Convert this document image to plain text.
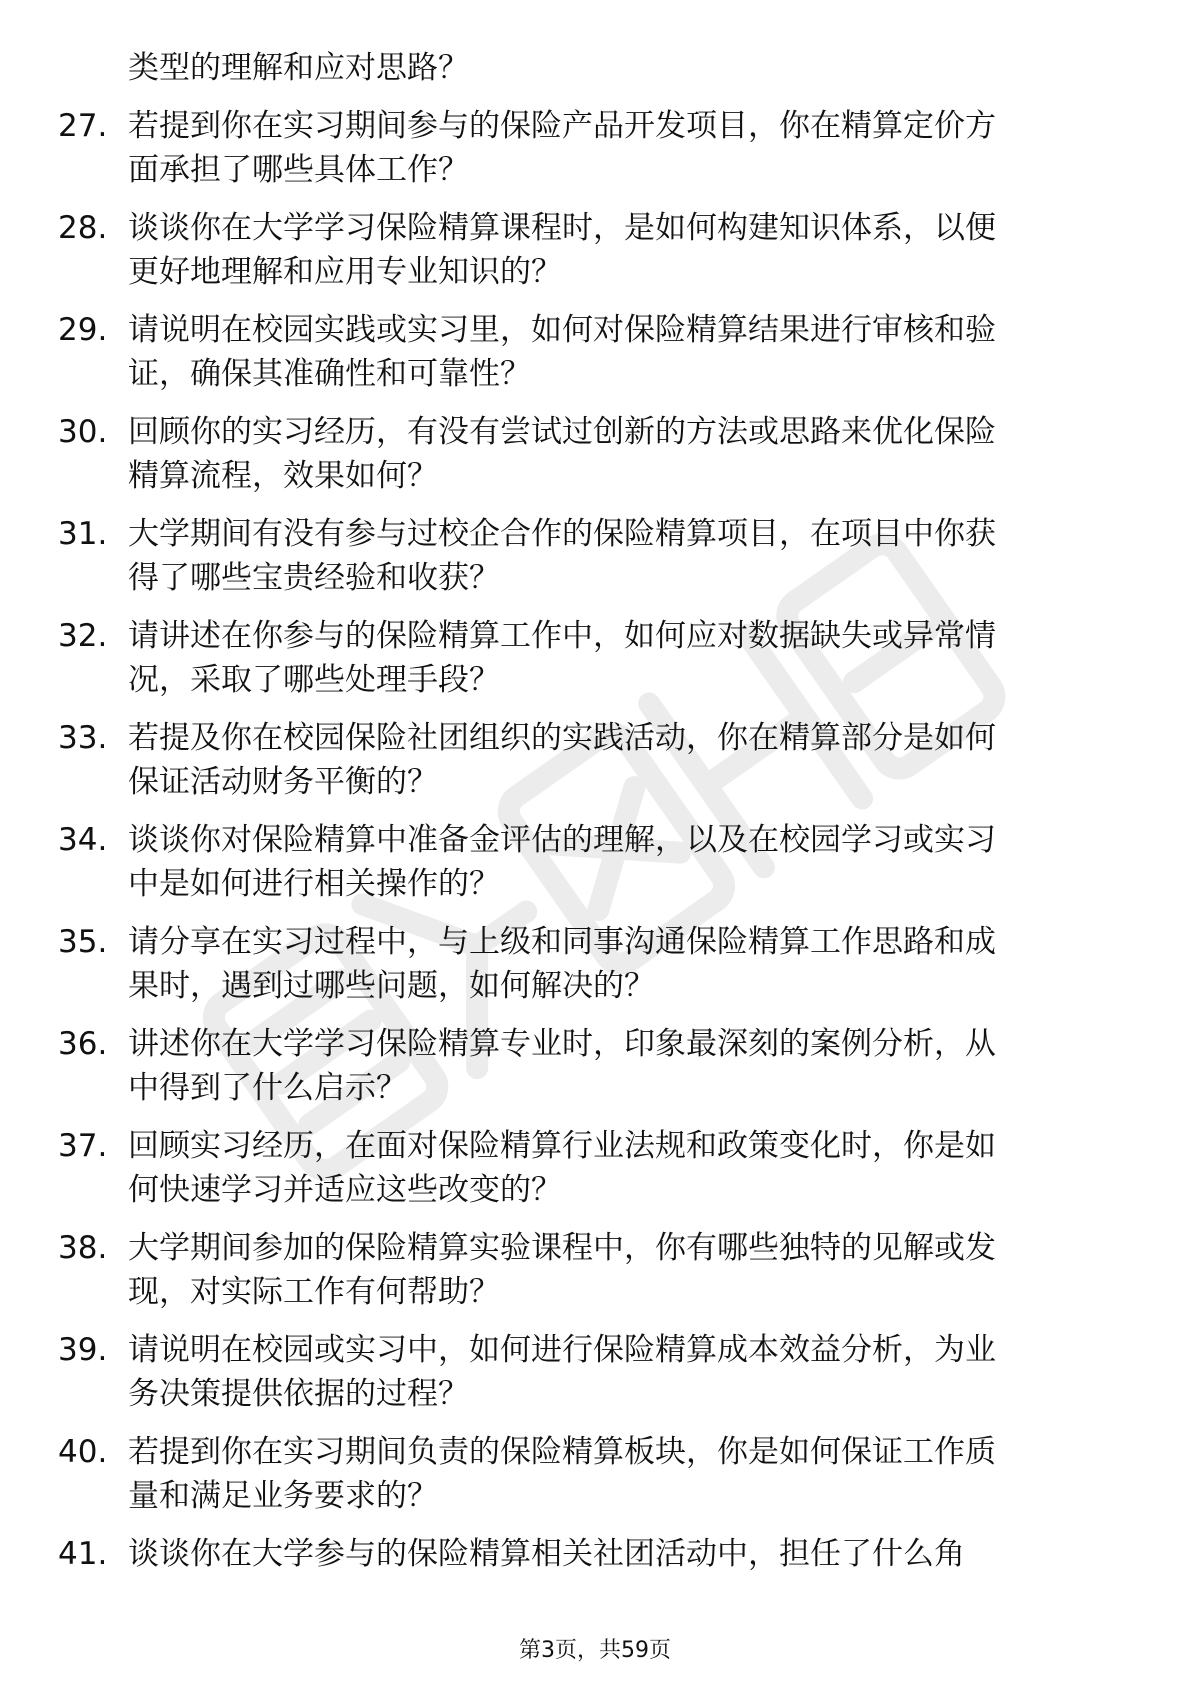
类型的理解和应对思路？
27. 若提到你在实习期间参与的保险产品开发项目，你在精算定价方
面承担了哪些具体工作？
28. 谈谈你在大学学习保险精算课程时，是如何构建知识体系，以便
更好地理解和应用专业知识的？
29. 请说明在校园实践或实习里，如何对保险精算结果进行审核和验
证，确保其准确性和可靠性？
30. 回顾你的实习经历，有没有尝试过创新的方法或思路来优化保险
精算流程，效果如何？
31. 大学期间有没有参与过校企合作的保险精算项目，在项目中你获
得了哪些宝贵经验和收获？
32. 请讲述在你参与的保险精算工作中，如何应对数据缺失或异常情
况，采取了哪些处理手段？
33. 若提及你在校园保险社团组织的实践活动，你在精算部分是如何
保证活动财务平衡的？
34. 谈谈你对保险精算中准备金评估的理解，以及在校园学习或实习
中是如何进行相关操作的？
35. 请分享在实习过程中，与上级和同事沟通保险精算工作思路和成
果时，遇到过哪些问题，如何解决的？
36. 讲述你在大学学习保险精算专业时，印象最深刻的案例分析，从
中得到了什么启示？
37. 回顾实习经历，在面对保险精算行业法规和政策变化时，你是如
何快速学习并适应这些改变的？
38. 大学期间参加的保险精算实验课程中，你有哪些独特的见解或发
现，对实际工作有何帮助？
39. 请说明在校园或实习中，如何进行保险精算成本效益分析，为业
务决策提供依据的过程？
40. 若提到你在实习期间负责的保险精算板块，你是如何保证工作质
量和满足业务要求的？
41. 谈谈你在大学参与的保险精算相关社团活动中，担任了什么角
第3页，共59页
